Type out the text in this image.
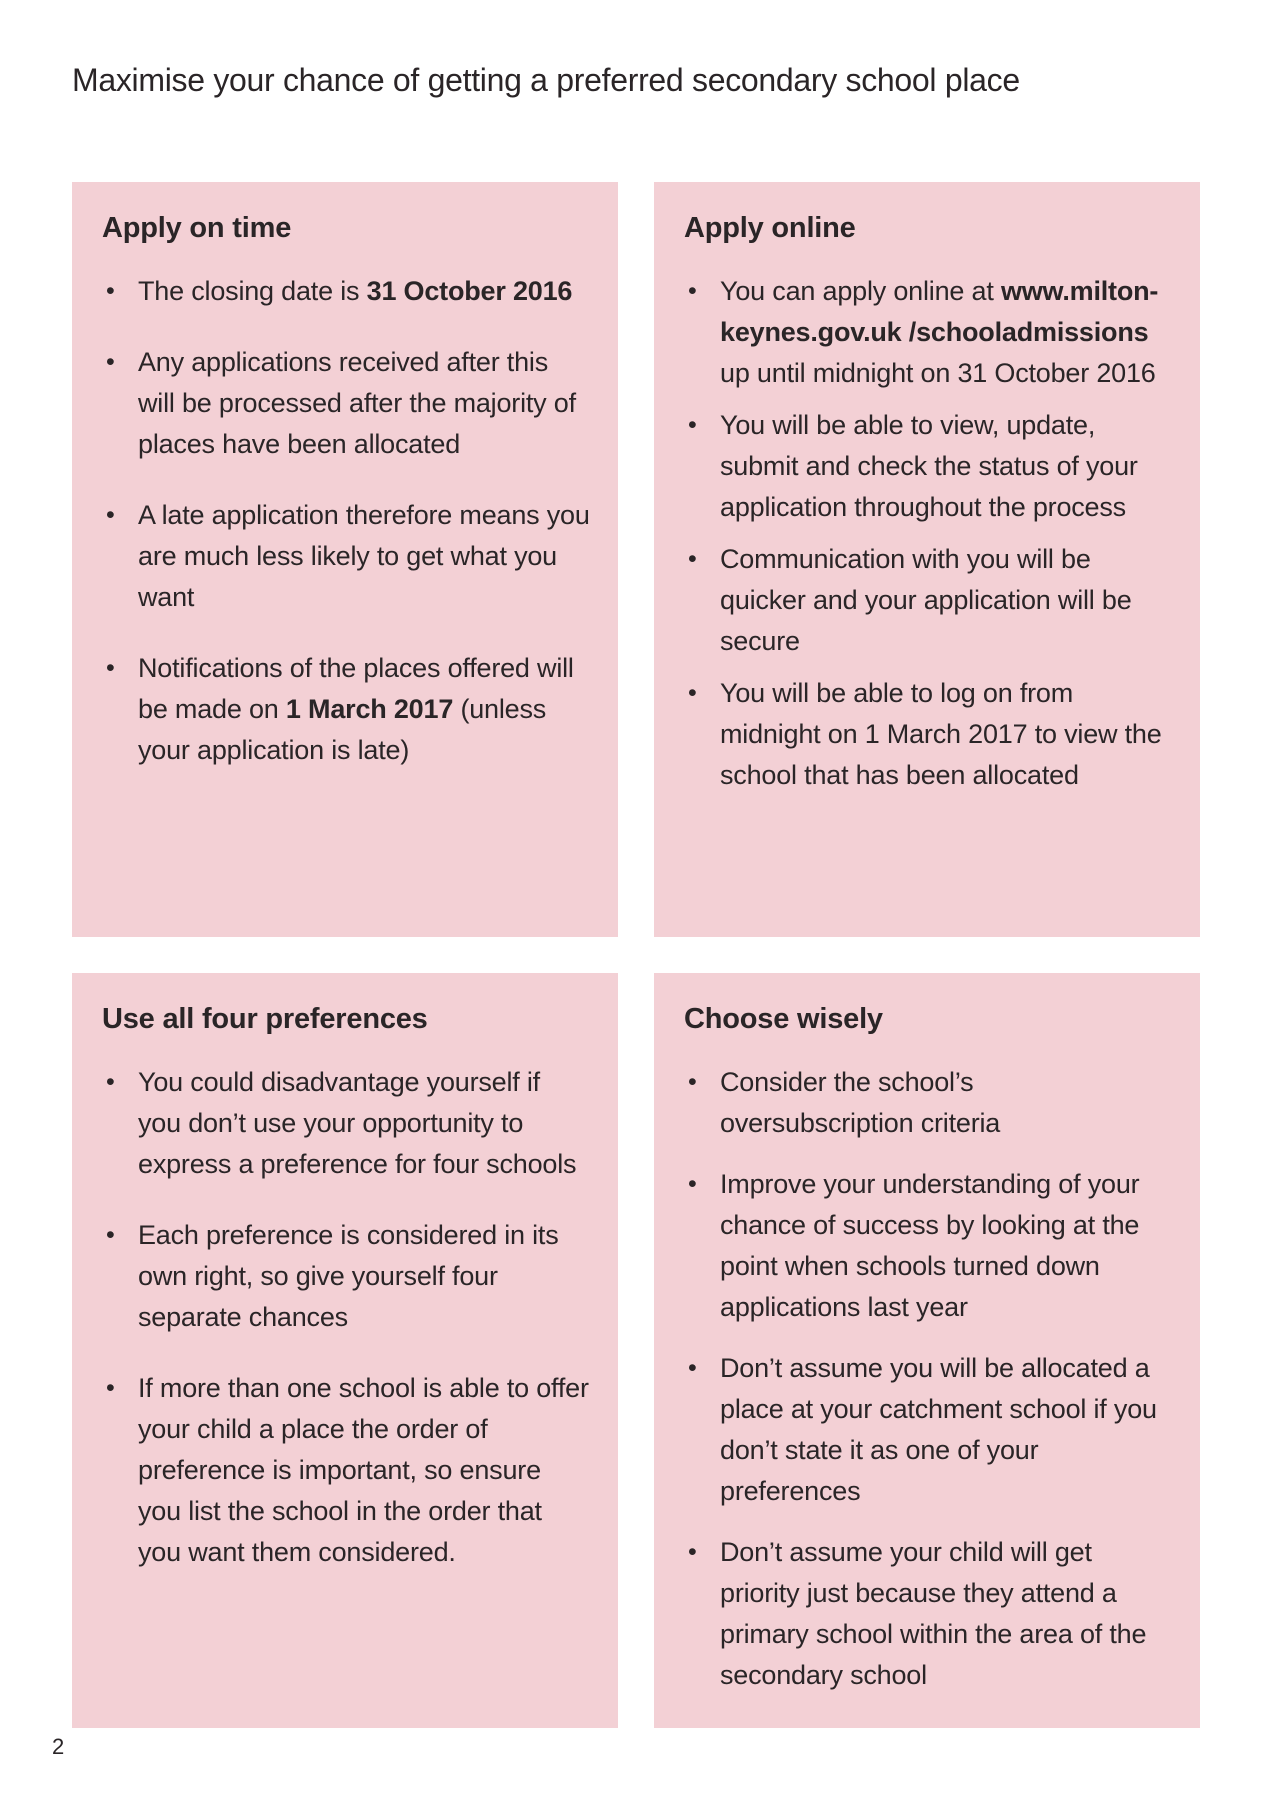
Maximise your chance of getting a preferred secondary school place
Apply on time
• The closing date is 31 October 2016
• Any applications received after this will be processed after the majority of places have been allocated
• A late application therefore means you are much less likely to get what you want
• Notifications of the places offered will be made on 1 March 2017 (unless your application is late)
Apply online
• You can apply online at www.milton-keynes.gov.uk /schooladmissions up until midnight on 31 October 2016
• You will be able to view, update, submit and check the status of your application throughout the process
• Communication with you will be quicker and your application will be secure
• You will be able to log on from midnight on 1 March 2017 to view the school that has been allocated
Use all four preferences
• You could disadvantage yourself if you don’t use your opportunity to express a preference for four schools
• Each preference is considered in its own right, so give yourself four separate chances
• If more than one school is able to offer your child a place the order of preference is important, so ensure you list the school in the order that you want them considered.
Choose wisely
• Consider the school’s oversubscription criteria
• Improve your understanding of your chance of success by looking at the point when schools turned down applications last year
• Don’t assume you will be allocated a place at your catchment school if you don’t state it as one of your preferences
• Don’t assume your child will get priority just because they attend a primary school within the area of the secondary school
2
